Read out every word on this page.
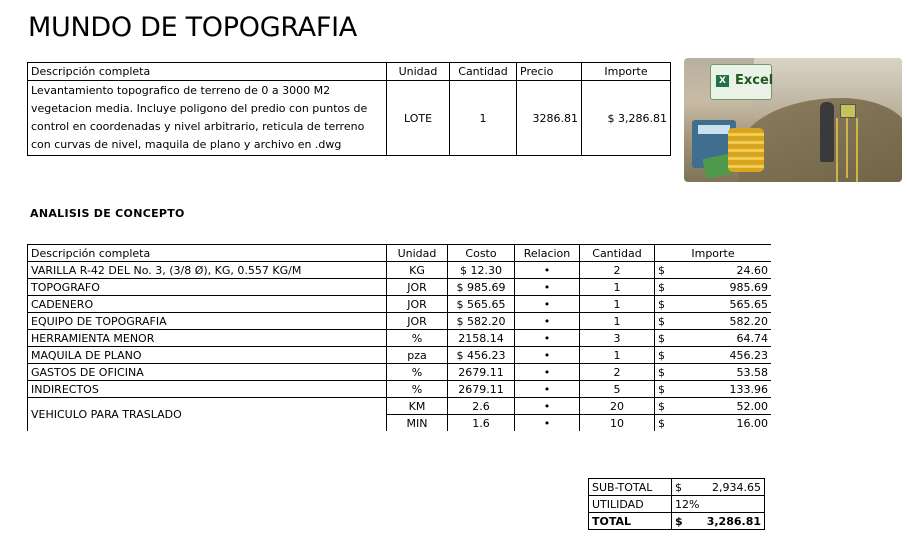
MUNDO DE TOPOGRAFIA
Descripción completa	Unidad	Cantidad	Precio	Importe
Levantamiento topografico de terreno de 0 a 3000 M2 vegetacion media. Incluye poligono del predio con puntos de control en coordenadas y nivel arbitrario, reticula de terreno con curvas de nivel, maquila de plano y archivo en .dwg	LOTE	1	3286.81	$ 3,286.81
X Excel
ANALISIS DE CONCEPTO
Descripción completa	Unidad	Costo	Relacion	Cantidad	Importe
VARILLA R-42 DEL No. 3, (3/8 Ø), KG, 0.557 KG/M	KG	$ 12.30	•	2	$ 24.60

TOPOGRAFO	JOR	$ 985.69	•	1	$ 985.69

CADENERO	JOR	$ 565.65	•	1	$ 565.65

EQUIPO DE TOPOGRAFIA	JOR	$ 582.20	•	1	$ 582.20

HERRAMIENTA MENOR	%	2158.14	•	3	$ 64.74

MAQUILA DE PLANO	pza	$ 456.23	•	1	$ 456.23

GASTOS DE OFICINA	%	2679.11	•	2	$ 53.58

INDIRECTOS	%	2679.11	•	5	$ 133.96

VEHICULO PARA TRASLADO	KM	2.6	•	20	$ 52.00

	MIN	1.6	•	10	$ 16.00
SUB-TOTAL	$ 2,934.65

UTILIDAD	12%
TOTAL	$ 3,286.81
